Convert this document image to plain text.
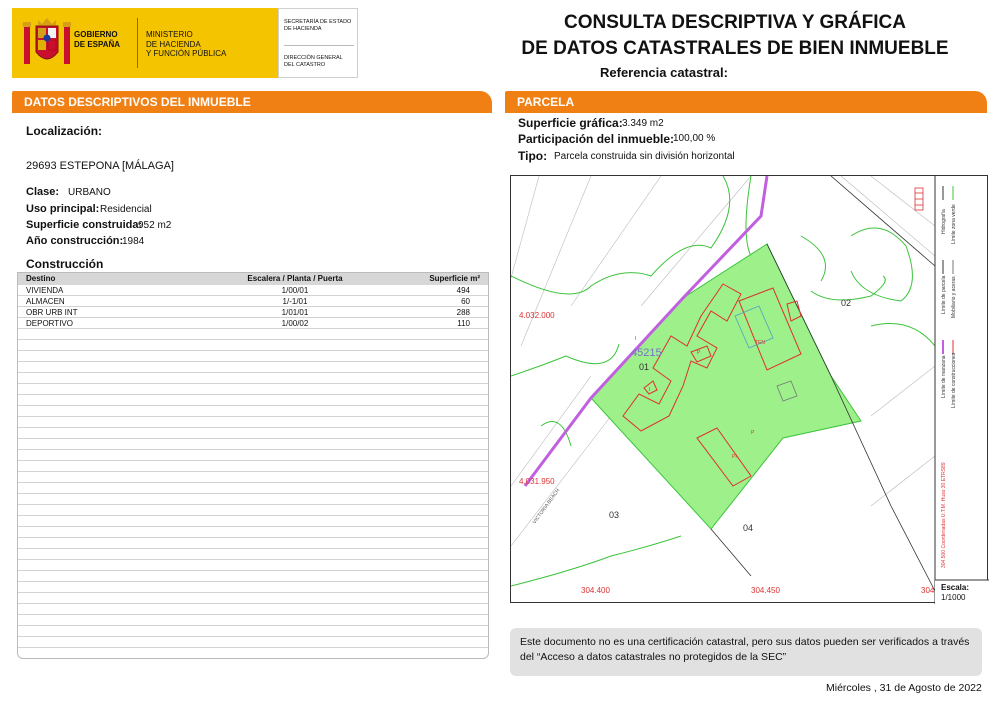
GOBIERNO
DE ESPAÑA
MINISTERIO
DE HACIENDA
Y FUNCIÓN PÚBLICA
SECRETARÍA DE ESTADO
DE HACIENDA
DIRECCIÓN GENERAL
DEL CATASTRO
CONSULTA DESCRIPTIVA Y GRÁFICA
DE DATOS CATASTRALES DE BIEN INMUEBLE
Referencia catastral:
DATOS DESCRIPTIVOS DEL INMUEBLE
Localización:
29693 ESTEPONA [MÁLAGA]
Clase: URBANO
Uso principal: Residencial
Superficie construida:
952 m2
Año construcción:
1984
Construcción
Destino	Escalera / Planta / Puerta	Superficie m²
VIVIENDA	1/00/01	494
ALMACEN	1/-1/01	60
OBR URB INT	1/01/01	288
DEPORTIVO	1/00/02	110
PARCELA
Superficie gráfica: 3.349 m2
Participación del inmueble:
100,00 %
Tipo: Parcela construida sin división horizontal
4.032.000
4.031.950
304.400	304.450	304
45215
01
02
03
04
VICTORIA BEACH
TEN
P
P
PI
I
I
Hidrografía Límite zona verde
Límite de parcela Mobiliario y aceras
Límite de manzana Límite de construcciones
304.500 Coordenadas U.T.M. Huso 30 ETRS89
Escala:
1/1000
Este documento no es una certificación catastral, pero sus datos pueden ser verificados a través del “Acceso a datos catastrales no protegidos de la SEC”
Miércoles , 31 de Agosto de 2022
